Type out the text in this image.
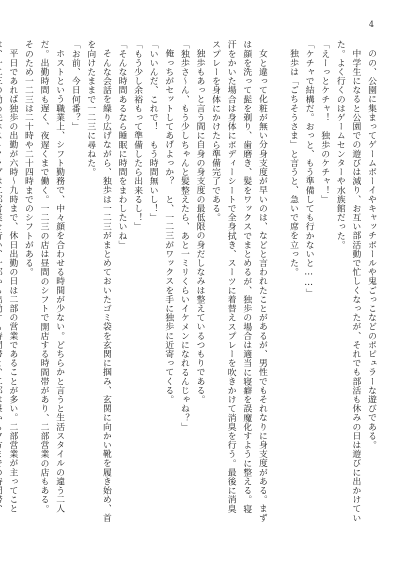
4

のの、公園に集まってゲームボーイやキャッチボールや鬼ごっこなどのポピュラーな遊びである。

中学生になると公園での遊びは減り、お互い部活動で忙しくなったが、それでも部活も休みの日は遊びに出かけていた。よく行くのはゲームセンターや水族館だった。

「えーっとケチャ！　独歩のケチャ！」

「ケチャで結構だ。おっと、もう準備しても行かないと……」

独歩は「ごちそうさま」と言うと、急いで席を立った。

女と違って化粧が無い分身支度が早いのは、などと言われたことがあるが、男性でもそれなりに身支度がある。まずは顔を洗って髭を剃り、歯磨き、髪をワックスでまとめるが、独歩の場合は適当に寝癖を誤魔化すように整える。寝汗をかいた場合は身体にボディーシートで全身拭き、スーツに着替えスプレーを吹きかけて消臭を行う。最後に消臭スプレーを身体にかけたら準備完了である。

独歩もあっと言う間に自身の身支度の最低限の身だしなみは整えているつもりである。

「独歩さ〜ん、もう少しちゃんと髪整えたら、あと一ミリくらいイケメンになれるんじゃね？」

俺っちがセットしてあげよっか？　と、一二三がワックスを手に独歩に近寄ってくる。

「いいんだ、これで！　もう時間無いし！」

「もう少し余裕もって準備したら出来るし！」

「そんな時間あるなら睡眠に時間をまわしたいね」

そんな会話を繰り広げながら、独歩は一二三がまとめておいたゴミ袋を玄関に掴み、玄関に向かい靴を履き始め、首を向けたままで一二三に尋ねた。

「お前、今日何番？」

ホストという職業上、シフト勤務で、中々顔を合わせる時間が少ない。どちらかと言うと生活スタイルの違う二人だ。出勤時間も遅く、夜遅くまで働く。一二三の店は昼間のシフトで開店する時間帯があり、二部営業の店もある。そのため一二三は二十時や二十四時までのシフトがある。

平日であれば独歩の出勤が六時〜九時まで、休日出勤の日は二部の営業であることが多い。二部営業が主ってこと
